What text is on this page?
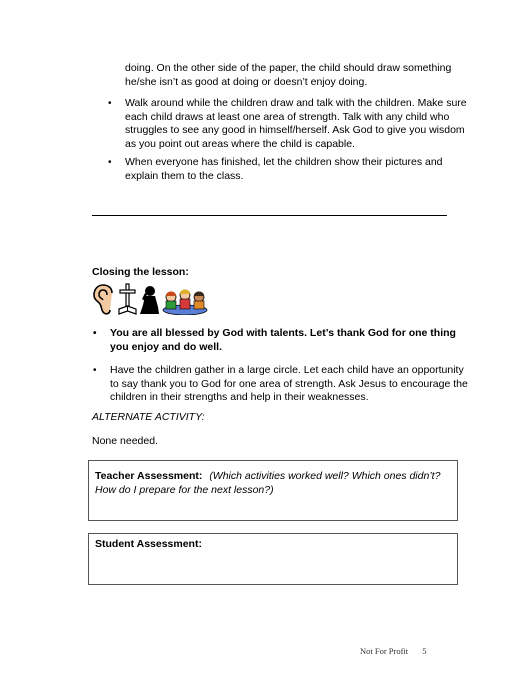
doing. On the other side of the paper, the child should draw something
he/she isn’t as good at doing or doesn’t enjoy doing.
• Walk around while the children draw and talk with the children. Make sure
each child draws at least one area of strength. Talk with any child who
struggles to see any good in himself/herself. Ask God to give you wisdom
as you point out areas where the child is capable.
• When everyone has finished, let the children show their pictures and
explain them to the class.
Closing the lesson:
• You are all blessed by God with talents. Let’s thank God for one thing
you enjoy and do well.
• Have the children gather in a large circle. Let each child have an opportunity
to say thank you to God for one area of strength. Ask Jesus to encourage the
children in their strengths and help in their weaknesses.
ALTERNATE ACTIVITY:
None needed.
Teacher Assessment: (Which activities worked well? Which ones didn’t?
How do I prepare for the next lesson?)
Student Assessment:
Not For Profit 5
